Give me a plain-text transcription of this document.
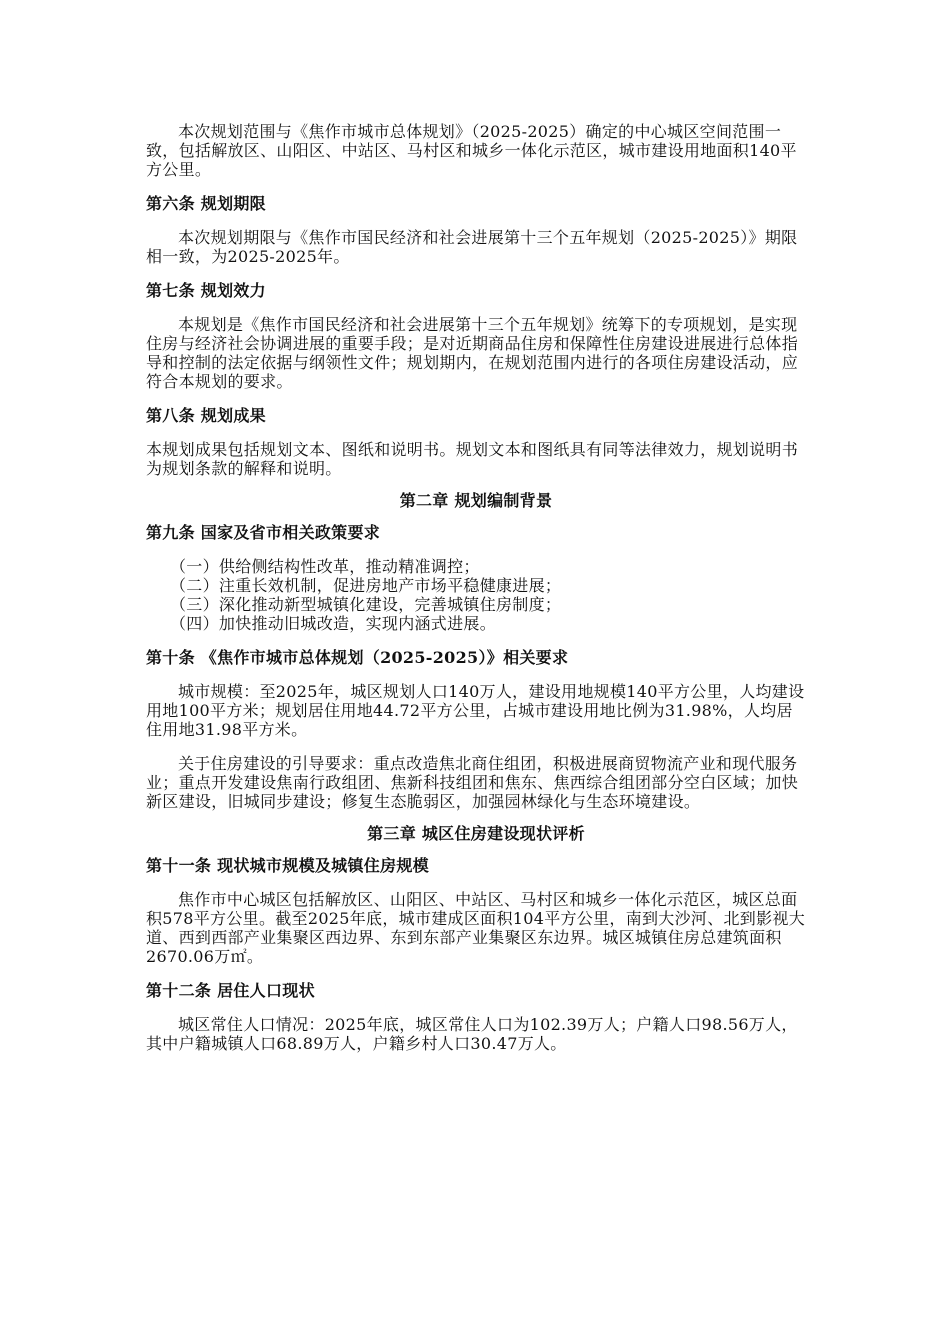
本次规划范围与《焦作市城市总体规划》（2025-2025）确定的中心城区空间范围一致，包括解放区、山阳区、中站区、马村区和城乡一体化示范区，城市建设用地面积140平方公里。

第六条 规划期限

本次规划期限与《焦作市国民经济和社会进展第十三个五年规划（2025-2025）》期限相一致，为2025-2025年。

第七条 规划效力

本规划是《焦作市国民经济和社会进展第十三个五年规划》统筹下的专项规划，是实现住房与经济社会协调进展的重要手段；是对近期商品住房和保障性住房建设进展进行总体指导和控制的法定依据与纲领性文件；规划期内，在规划范围内进行的各项住房建设活动，应符合本规划的要求。

第八条 规划成果

本规划成果包括规划文本、图纸和说明书。规划文本和图纸具有同等法律效力，规划说明书为规划条款的解释和说明。

第二章 规划编制背景

第九条 国家及省市相关政策要求

（一）供给侧结构性改革，推动精准调控；
（二）注重长效机制，促进房地产市场平稳健康进展；
（三）深化推动新型城镇化建设，完善城镇住房制度；
（四）加快推动旧城改造，实现内涵式进展。

第十条 《焦作市城市总体规划（2025-2025）》相关要求

城市规模：至2025年，城区规划人口140万人，建设用地规模140平方公里，人均建设用地100平方米；规划居住用地44.72平方公里，占城市建设用地比例为31.98%，人均居住用地31.98平方米。

关于住房建设的引导要求：重点改造焦北商住组团，积极进展商贸物流产业和现代服务业；重点开发建设焦南行政组团、焦新科技组团和焦东、焦西综合组团部分空白区域；加快新区建设，旧城同步建设；修复生态脆弱区，加强园林绿化与生态环境建设。

第三章 城区住房建设现状评析

第十一条 现状城市规模及城镇住房规模

焦作市中心城区包括解放区、山阳区、中站区、马村区和城乡一体化示范区，城区总面积578平方公里。截至2025年底，城市建成区面积104平方公里，南到大沙河、北到影视大道、西到西部产业集聚区西边界、东到东部产业集聚区东边界。城区城镇住房总建筑面积2670.06万㎡。

第十二条 居住人口现状

城区常住人口情况：2025年底，城区常住人口为102.39万人；户籍人口98.56万人，其中户籍城镇人口68.89万人，户籍乡村人口30.47万人。
